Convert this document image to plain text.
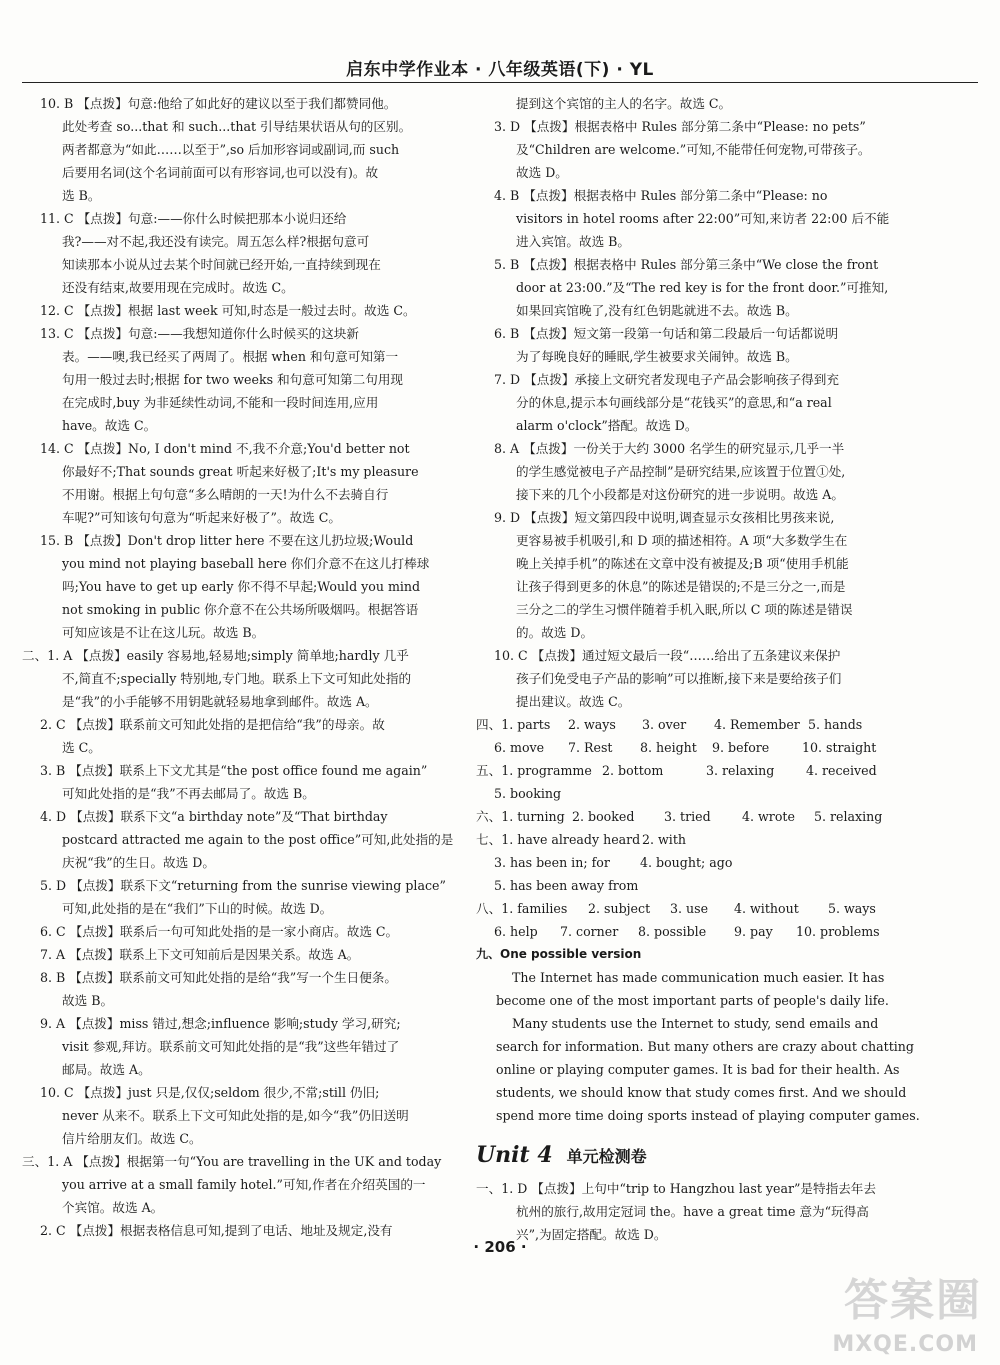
启东中学作业本 · 八年级英语(下) · YL
10. B 【点拨】句意:他给了如此好的建议以至于我们都赞同他。
此处考查 so...that 和 such...that 引导结果状语从句的区别。
两者都意为“如此……以至于”,so 后加形容词或副词,而 such
后要用名词(这个名词前面可以有形容词,也可以没有)。故
选 B。
11. C 【点拨】句意:——你什么时候把那本小说归还给
我?——对不起,我还没有读完。周五怎么样?根据句意可
知读那本小说从过去某个时间就已经开始,一直持续到现在
还没有结束,故要用现在完成时。故选 C。
12. C 【点拨】根据 last week 可知,时态是一般过去时。故选 C。
13. C 【点拨】句意:——我想知道你什么时候买的这块新
表。——噢,我已经买了两周了。根据 when 和句意可知第一
句用一般过去时;根据 for two weeks 和句意可知第二句用现
在完成时,buy 为非延续性动词,不能和一段时间连用,应用
have。故选 C。
14. C 【点拨】No, I don't mind 不,我不介意;You'd better not
你最好不;That sounds great 听起来好极了;It's my pleasure
不用谢。根据上句句意“多么晴朗的一天!为什么不去骑自行
车呢?”可知该句句意为“听起来好极了”。故选 C。
15. B 【点拨】Don't drop litter here 不要在这儿扔垃圾;Would
you mind not playing baseball here 你们介意不在这儿打棒球
吗;You have to get up early 你不得不早起;Would you mind
not smoking in public 你介意不在公共场所吸烟吗。根据答语
可知应该是不让在这儿玩。故选 B。
二、1. A 【点拨】easily 容易地,轻易地;simply 简单地;hardly 几乎
不,简直不;specially 特别地,专门地。联系上下文可知此处指的
是“我”的小手能够不用钥匙就轻易地拿到邮件。故选 A。
2. C 【点拨】联系前文可知此处指的是把信给“我”的母亲。故
选 C。
3. B 【点拨】联系上下文尤其是“the post office found me again”
可知此处指的是“我”不再去邮局了。故选 B。
4. D 【点拨】联系下文“a birthday note”及“That birthday
postcard attracted me again to the post office”可知,此处指的是
庆祝“我”的生日。故选 D。
5. D 【点拨】联系下文“returning from the sunrise viewing place”
可知,此处指的是在“我们”下山的时候。故选 D。
6. C 【点拨】联系后一句可知此处指的是一家小商店。故选 C。
7. A 【点拨】联系上下文可知前后是因果关系。故选 A。
8. B 【点拨】联系前文可知此处指的是给“我”写一个生日便条。
故选 B。
9. A 【点拨】miss 错过,想念;influence 影响;study 学习,研究;
visit 参观,拜访。联系前文可知此处指的是“我”这些年错过了
邮局。故选 A。
10. C 【点拨】just 只是,仅仅;seldom 很少,不常;still 仍旧;
never 从来不。联系上下文可知此处指的是,如今“我”仍旧送明
信片给朋友们。故选 C。
三、1. A 【点拨】根据第一句“You are travelling in the UK and today
you arrive at a small family hotel.”可知,作者在介绍英国的一
个宾馆。故选 A。
2. C 【点拨】根据表格信息可知,提到了电话、地址及规定,没有
提到这个宾馆的主人的名字。故选 C。
3. D 【点拨】根据表格中 Rules 部分第二条中“Please: no pets”
及“Children are welcome.”可知,不能带任何宠物,可带孩子。
故选 D。
4. B 【点拨】根据表格中 Rules 部分第二条中“Please: no
visitors in hotel rooms after 22:00”可知,来访者 22:00 后不能
进入宾馆。故选 B。
5. B 【点拨】根据表格中 Rules 部分第三条中“We close the front
door at 23:00.”及“The red key is for the front door.”可推知,
如果回宾馆晚了,没有红色钥匙就进不去。故选 B。
6. B 【点拨】短文第一段第一句话和第二段最后一句话都说明
为了每晚良好的睡眠,学生被要求关闹钟。故选 B。
7. D 【点拨】承接上文研究者发现电子产品会影响孩子得到充
分的休息,提示本句画线部分是“花钱买”的意思,和“a real
alarm o'clock”搭配。故选 D。
8. A 【点拨】一份关于大约 3000 名学生的研究显示,几乎一半
的学生感觉被电子产品控制”是研究结果,应该置于位置①处,
接下来的几个小段都是对这份研究的进一步说明。故选 A。
9. D 【点拨】短文第四段中说明,调查显示女孩相比男孩来说,
更容易被手机吸引,和 D 项的描述相符。A 项“大多数学生在
晚上关掉手机”的陈述在文章中没有被提及;B 项“使用手机能
让孩子得到更多的休息”的陈述是错误的;不是三分之一,而是
三分之二的学生习惯伴随着手机入眠,所以 C 项的陈述是错误
的。故选 D。
10. C 【点拨】通过短文最后一段“……给出了五条建议来保护
孩子们免受电子产品的影响”可以推断,接下来是要给孩子们
提出建议。故选 C。
四、1. parts	2. ways	3. over	4. Remember 5. hands
6. move	7. Rest	8. height	9. before	10. straight
五、1. programme 2. bottom	3. relaxing	4. received
5. booking
六、1. turning 2. booked	3. tried	4. wrote	5. relaxing
七、1. have already heard 2. with
3. has been in; for	4. bought; ago
5. has been away from
八、1. families	2. subject	3. use	4. without	5. ways
6. help	7. corner	8. possible	9. pay	10. problems
九、One possible version
The Internet has made communication much easier. It has
become one of the most important parts of people's daily life.
Many students use the Internet to study, send emails and
search for information. But many others are crazy about chatting
online or playing computer games. It is bad for their health. As
students, we should know that study comes first. And we should
spend more time doing sports instead of playing computer games.
Unit 4 单元检测卷
一、1. D 【点拨】上句中“trip to Hangzhou last year”是特指去年去
杭州的旅行,故用定冠词 the。have a great time 意为“玩得高
兴”,为固定搭配。故选 D。
· 206 ·
答案圈
MXQE.COM
